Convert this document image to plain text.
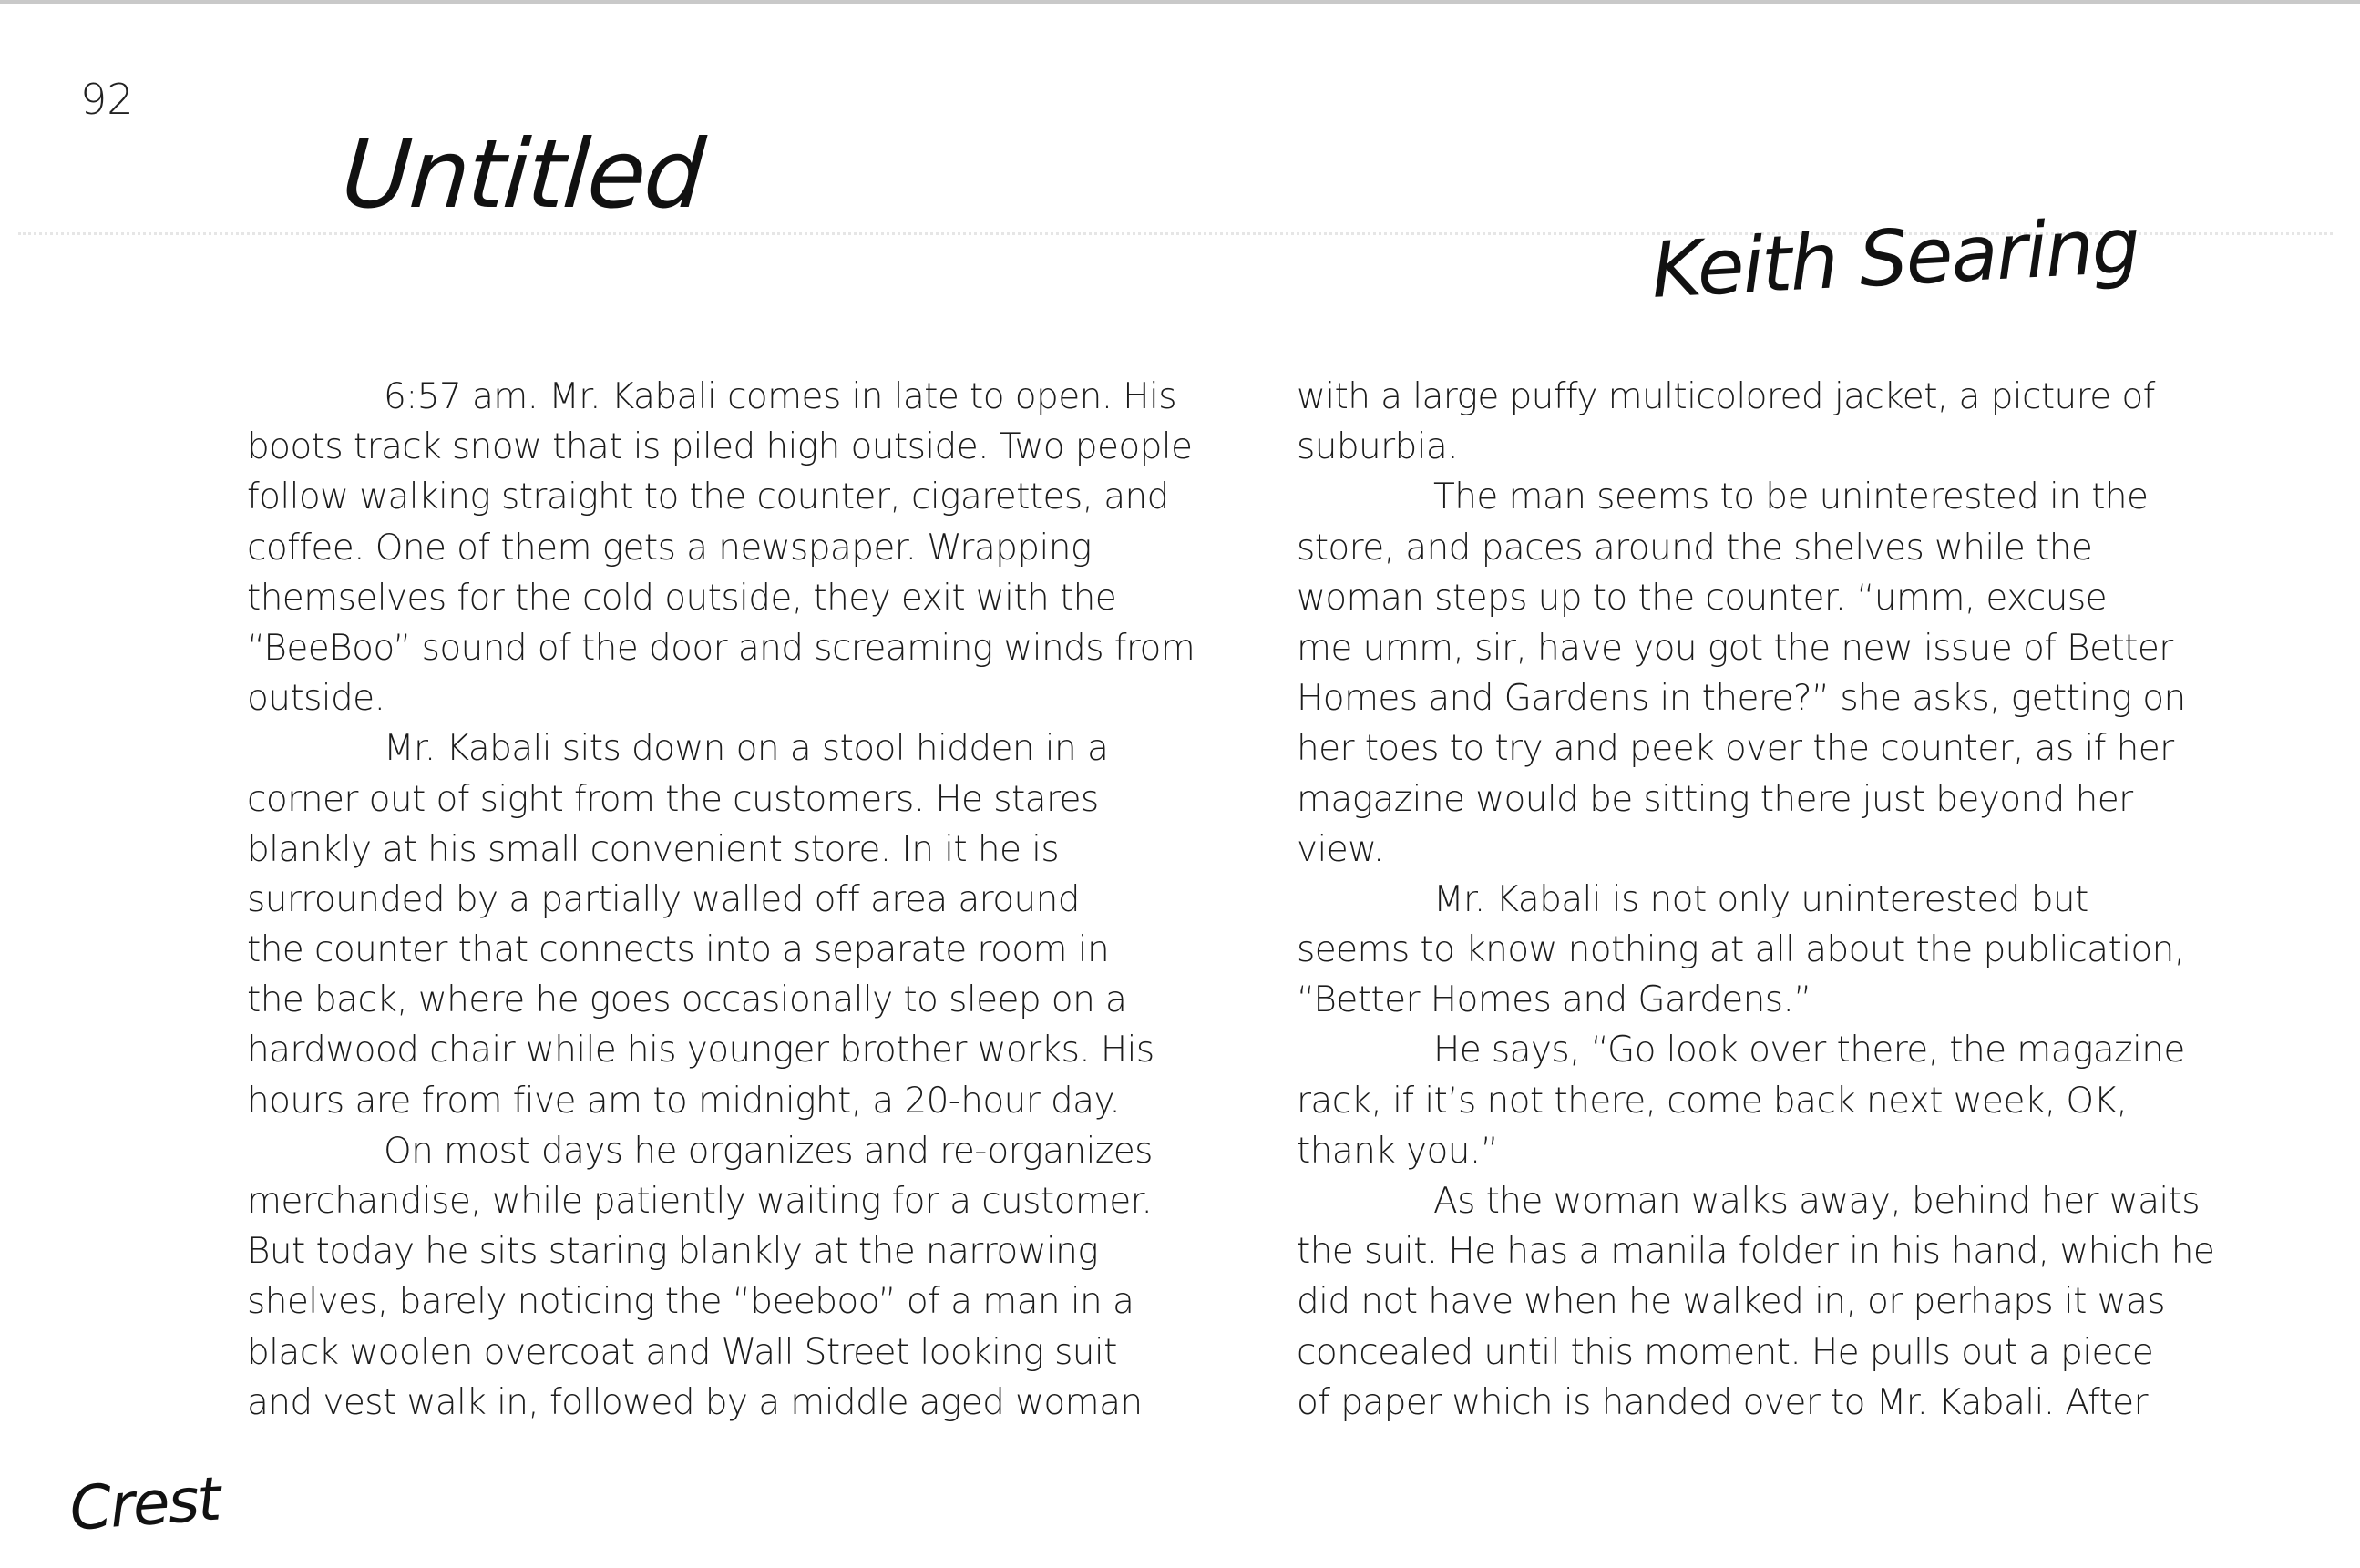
92
Untitled
Keith Searing
6:57 am. Mr. Kabali comes in late to open. His
boots track snow that is piled high outside. Two people
follow walking straight to the counter, cigarettes, and
coffee. One of them gets a newspaper. Wrapping
themselves for the cold outside, they exit with the
“BeeBoo” sound of the door and screaming winds from
outside.
Mr. Kabali sits down on a stool hidden in a
corner out of sight from the customers. He stares
blankly at his small convenient store. In it he is
surrounded by a partially walled off area around
the counter that connects into a separate room in
the back, where he goes occasionally to sleep on a
hardwood chair while his younger brother works. His
hours are from five am to midnight, a 20-hour day.
On most days he organizes and re-organizes
merchandise, while patiently waiting for a customer.
But today he sits staring blankly at the narrowing
shelves, barely noticing the “beeboo” of a man in a
black woolen overcoat and Wall Street looking suit
and vest walk in, followed by a middle aged woman
with a large puffy multicolored jacket, a picture of
suburbia.
The man seems to be uninterested in the
store, and paces around the shelves while the
woman steps up to the counter. “umm, excuse
me umm, sir, have you got the new issue of Better
Homes and Gardens in there?” she asks, getting on
her toes to try and peek over the counter, as if her
magazine would be sitting there just beyond her
view.
Mr. Kabali is not only uninterested but
seems to know nothing at all about the publication,
“Better Homes and Gardens.”
He says, “Go look over there, the magazine
rack, if it’s not there, come back next week, OK,
thank you.”
As the woman walks away, behind her waits
the suit. He has a manila folder in his hand, which he
did not have when he walked in, or perhaps it was
concealed until this moment. He pulls out a piece
of paper which is handed over to Mr. Kabali. After
Crest
